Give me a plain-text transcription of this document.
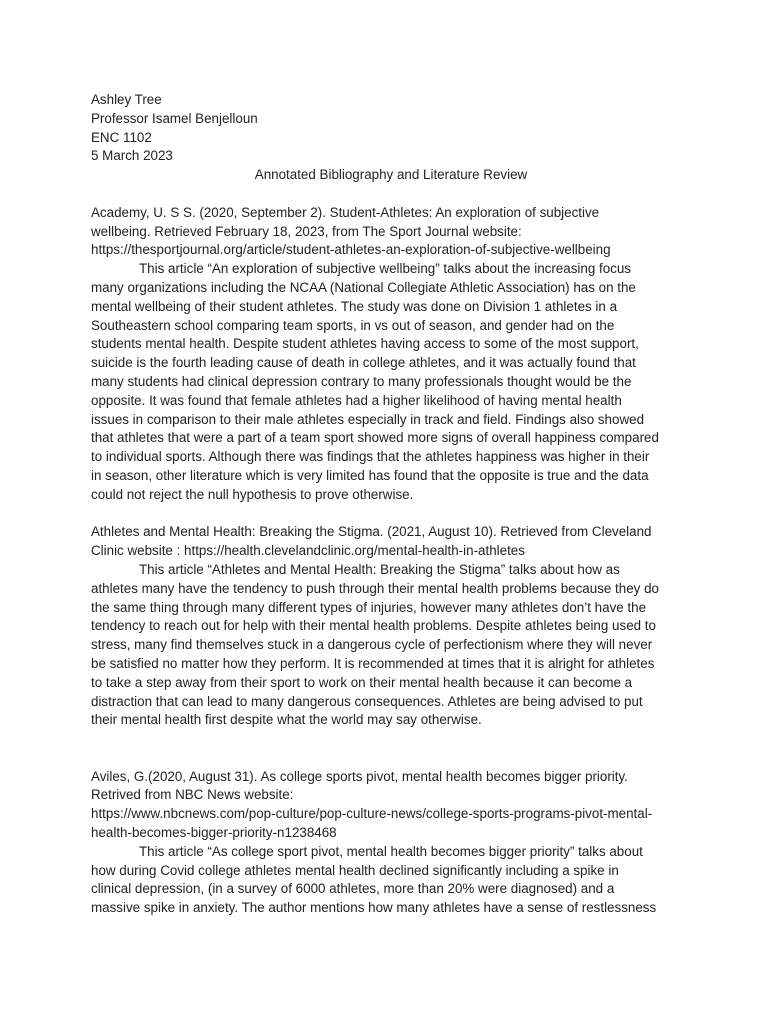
Ashley Tree
Professor Isamel Benjelloun
ENC 1102
5 March 2023
Annotated Bibliography and Literature Review
Academy, U. S S. (2020, September 2). Student-Athletes: An exploration of subjective
wellbeing. Retrieved February 18, 2023, from The Sport Journal website:
https://thesportjournal.org/article/student-athletes-an-exploration-of-subjective-wellbeing
This article “An exploration of subjective wellbeing” talks about the increasing focus
many organizations including the NCAA (National Collegiate Athletic Association) has on the
mental wellbeing of their student athletes. The study was done on Division 1 athletes in a
Southeastern school comparing team sports, in vs out of season, and gender had on the
students mental health. Despite student athletes having access to some of the most support,
suicide is the fourth leading cause of death in college athletes, and it was actually found that
many students had clinical depression contrary to many professionals thought would be the
opposite. It was found that female athletes had a higher likelihood of having mental health
issues in comparison to their male athletes especially in track and field. Findings also showed
that athletes that were a part of a team sport showed more signs of overall happiness compared
to individual sports. Although there was findings that the athletes happiness was higher in their
in season, other literature which is very limited has found that the opposite is true and the data
could not reject the null hypothesis to prove otherwise.
Athletes and Mental Health: Breaking the Stigma. (2021, August 10). Retrieved from Cleveland
Clinic website : https://health.clevelandclinic.org/mental-health-in-athletes
This article “Athletes and Mental Health: Breaking the Stigma” talks about how as
athletes many have the tendency to push through their mental health problems because they do
the same thing through many different types of injuries, however many athletes don’t have the
tendency to reach out for help with their mental health problems. Despite athletes being used to
stress, many find themselves stuck in a dangerous cycle of perfectionism where they will never
be satisfied no matter how they perform. It is recommended at times that it is alright for athletes
to take a step away from their sport to work on their mental health because it can become a
distraction that can lead to many dangerous consequences. Athletes are being advised to put
their mental health first despite what the world may say otherwise.
Aviles, G.(2020, August 31). As college sports pivot, mental health becomes bigger priority.
Retrived from NBC News website:
https://www.nbcnews.com/pop-culture/pop-culture-news/college-sports-programs-pivot-mental-
health-becomes-bigger-priority-n1238468
This article “As college sport pivot, mental health becomes bigger priority” talks about
how during Covid college athletes mental health declined significantly including a spike in
clinical depression, (in a survey of 6000 athletes, more than 20% were diagnosed) and a
massive spike in anxiety. The author mentions how many athletes have a sense of restlessness
